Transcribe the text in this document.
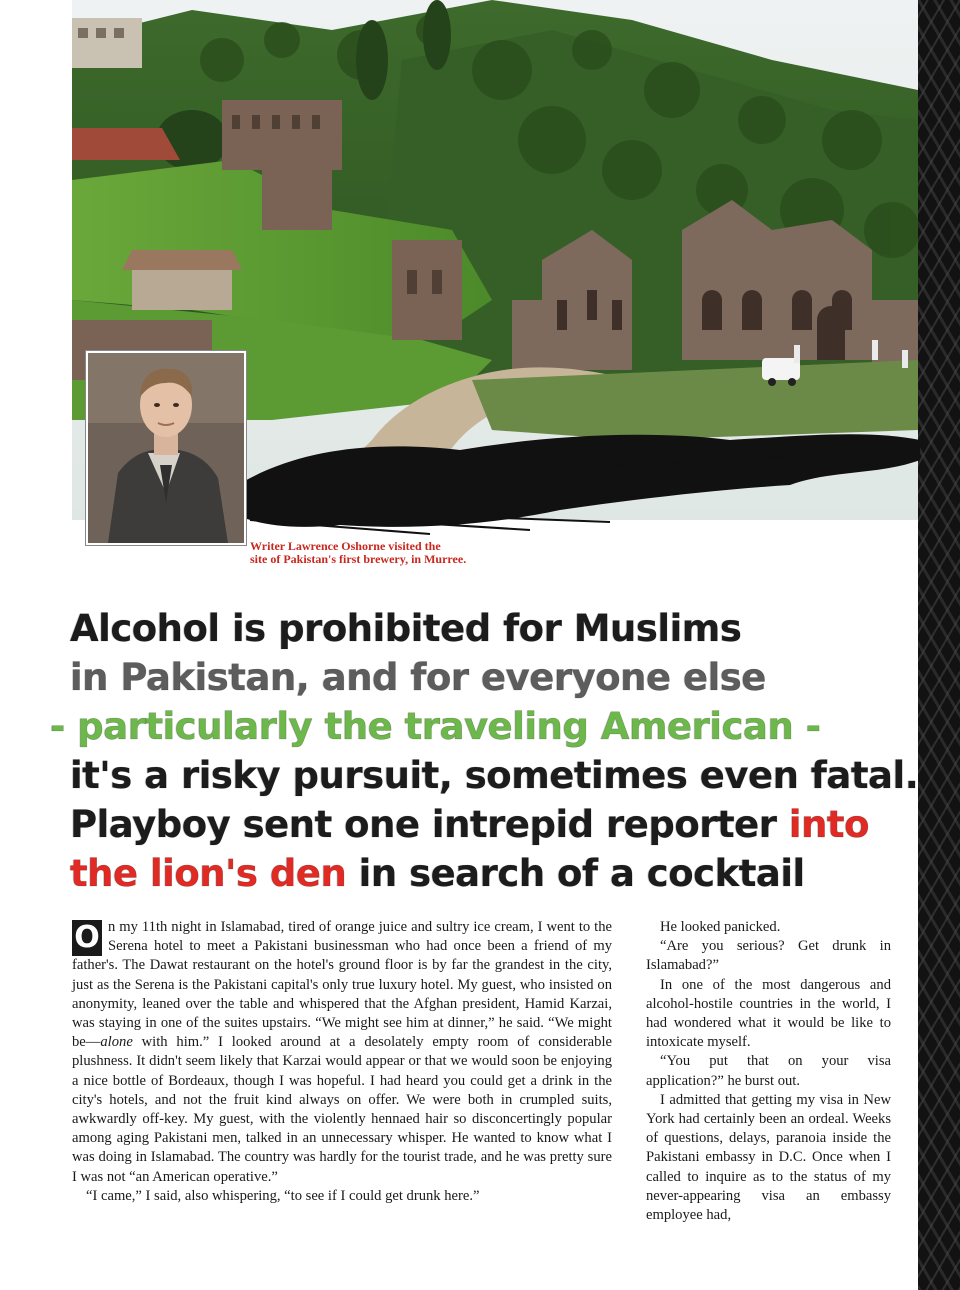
Writer Lawrence Oshorne visited the
site of Pakistan's first brewery, in Murree.
Alcohol is prohibited for Muslims
in Pakistan, and for everyone else
- particularly the traveling American -
it's a risky pursuit, sometimes even fatal.
Playboy sent one intrepid reporter into
the lion's den in search of a cocktail

O n my 11th night in Islamabad, tired of orange juice and sultry ice cream, I went to the Serena hotel to meet a Pakistani businessman who had once been a friend of my father's. The Dawat restaurant on the hotel's ground floor is by far the grandest in the city, just as the Serena is the Pakistani capital's only true luxury hotel. My guest, who insisted on anonymity, leaned over the table and whispered that the Afghan president, Hamid Karzai, was staying in one of the suites upstairs. “We might see him at dinner,” he said. “We might be—alone with him.” I looked around at a desolately empty room of considerable plushness. It didn't seem likely that Karzai would appear or that we would soon be enjoying a nice bottle of Bordeaux, though I was hopeful. I had heard you could get a drink in the city's hotels, and not the fruit kind always on offer. We were both in crumpled suits, awkwardly off-key. My guest, with the violently hennaed hair so disconcertingly popular among aging Pakistani men, talked in an unnecessary whisper. He wanted to know what I was doing in Islamabad. The country was hardly for the tourist trade, and he was pretty sure I was not “an American operative.”

“I came,” I said, also whispering, “to see if I could get drunk here.”

He looked panicked.

“Are you serious? Get drunk in Islamabad?”

In one of the most dangerous and alcohol-hostile countries in the world, I had wondered what it would be like to intoxicate myself.

“You put that on your visa application?” he burst out.

I admitted that getting my visa in New York had certainly been an ordeal. Weeks of questions, delays, paranoia inside the Pakistani embassy in D.C. Once when I called to inquire as to the status of my never-appearing visa an embassy employee had,
